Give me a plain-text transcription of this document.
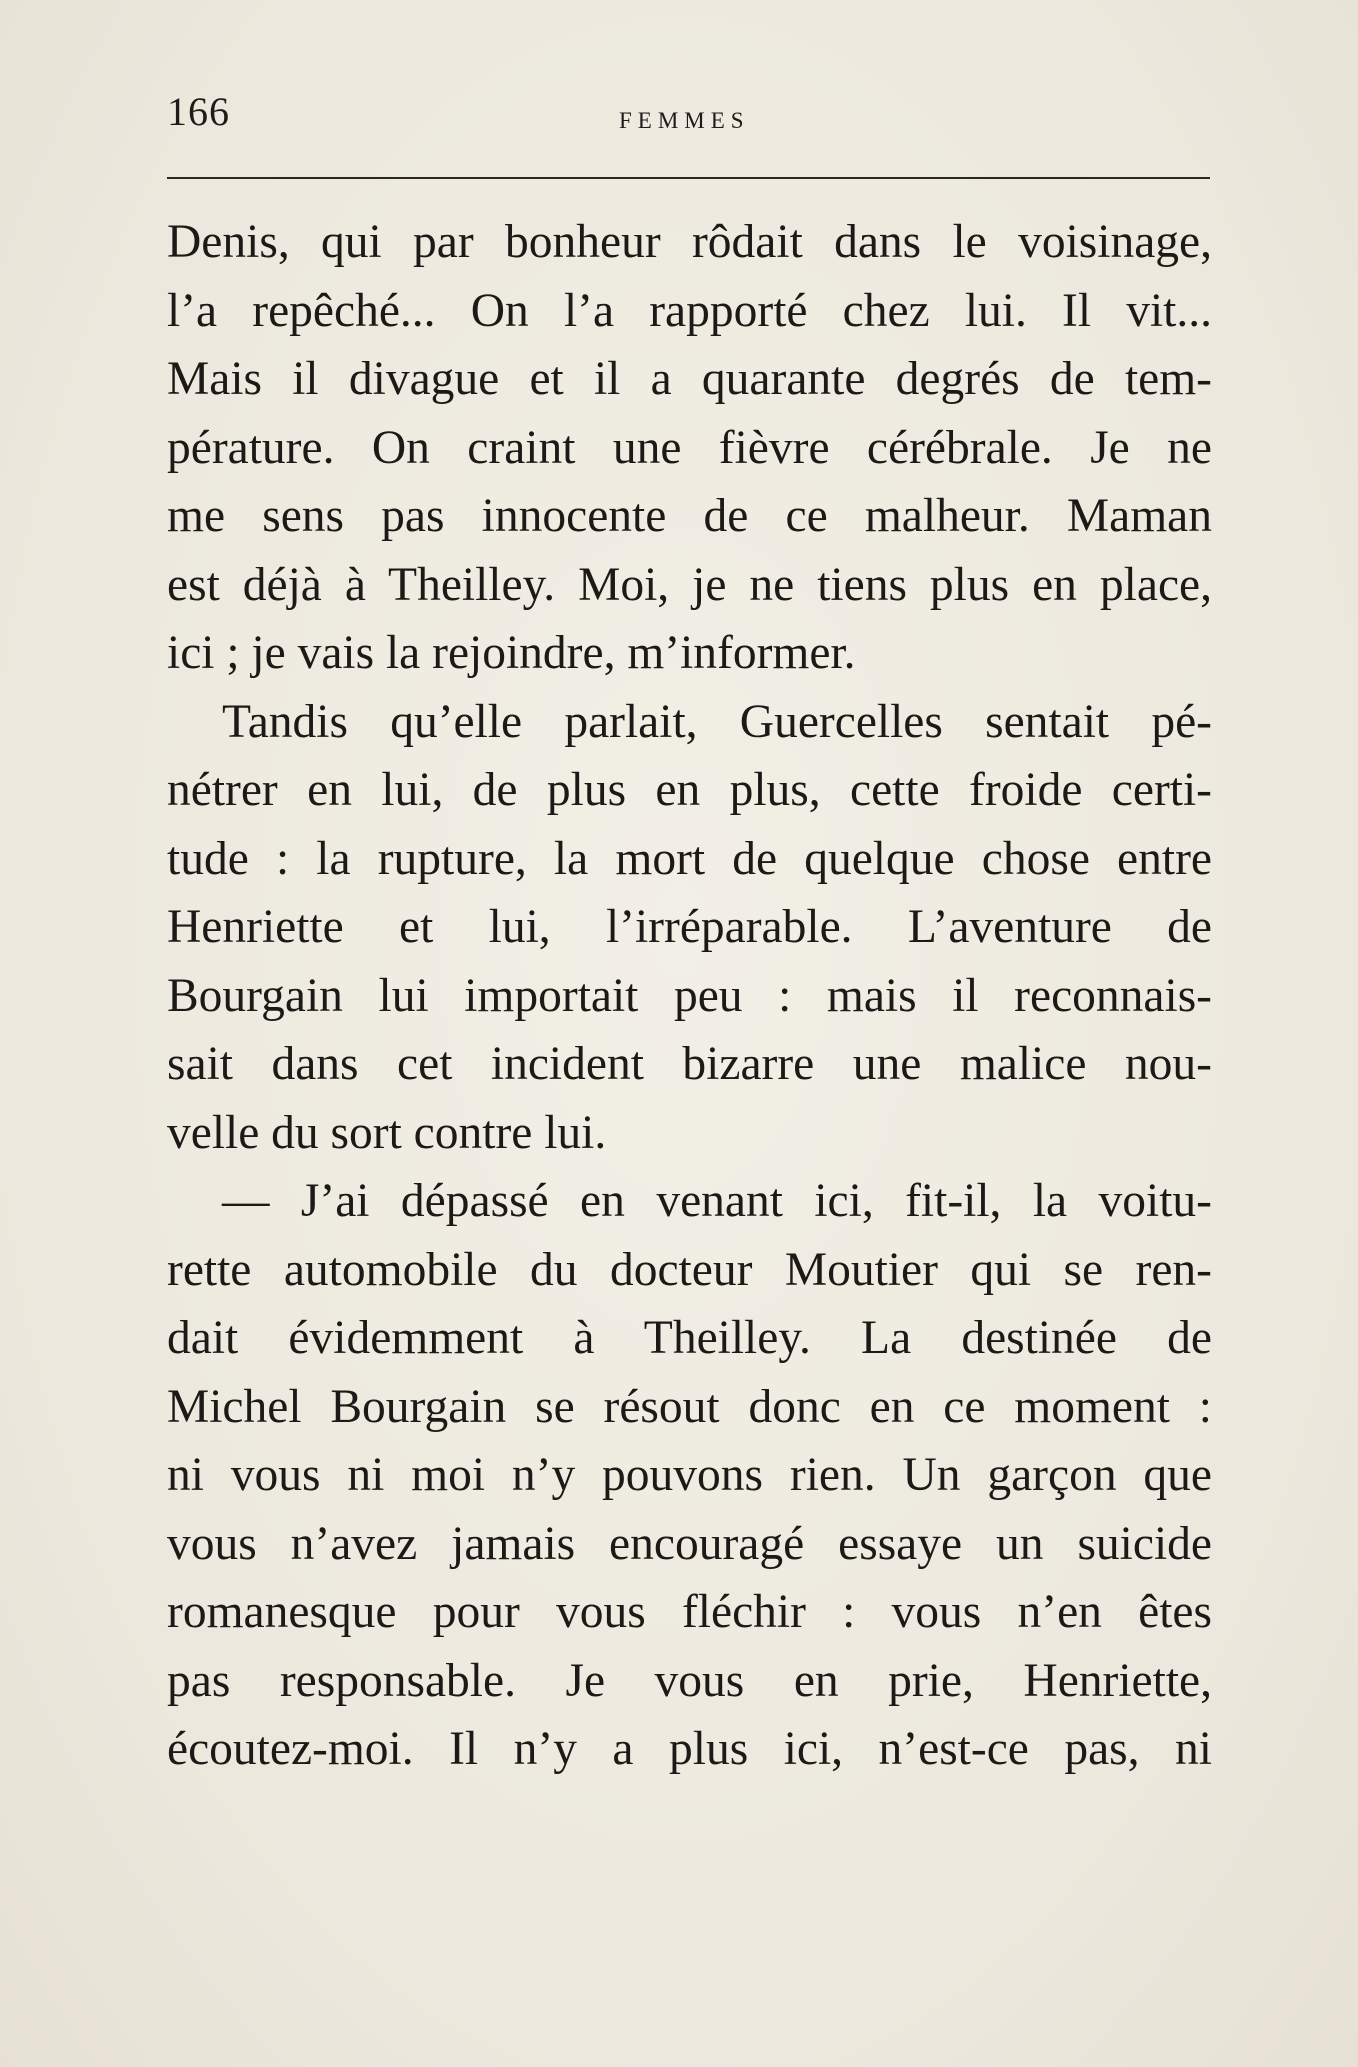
166	FEMMES
Denis, qui par bonheur rôdait dans le voisinage,
l’a repêché... On l’a rapporté chez lui. Il vit...
Mais il divague et il a quarante degrés de tem-
pérature. On craint une fièvre cérébrale. Je ne
me sens pas innocente de ce malheur. Maman
est déjà à Theilley. Moi, je ne tiens plus en place,
ici ; je vais la rejoindre, m’informer.
Tandis qu’elle parlait, Guercelles sentait pé-
nétrer en lui, de plus en plus, cette froide certi-
tude : la rupture, la mort de quelque chose entre
Henriette et lui, l’irréparable. L’aventure de
Bourgain lui importait peu : mais il reconnais-
sait dans cet incident bizarre une malice nou-
velle du sort contre lui.
— J’ai dépassé en venant ici, fit-il, la voitu-
rette automobile du docteur Moutier qui se ren-
dait évidemment à Theilley. La destinée de
Michel Bourgain se résout donc en ce moment :
ni vous ni moi n’y pouvons rien. Un garçon que
vous n’avez jamais encouragé essaye un suicide
romanesque pour vous fléchir : vous n’en êtes
pas responsable. Je vous en prie, Henriette,
écoutez-moi. Il n’y a plus ici, n’est-ce pas, ni
